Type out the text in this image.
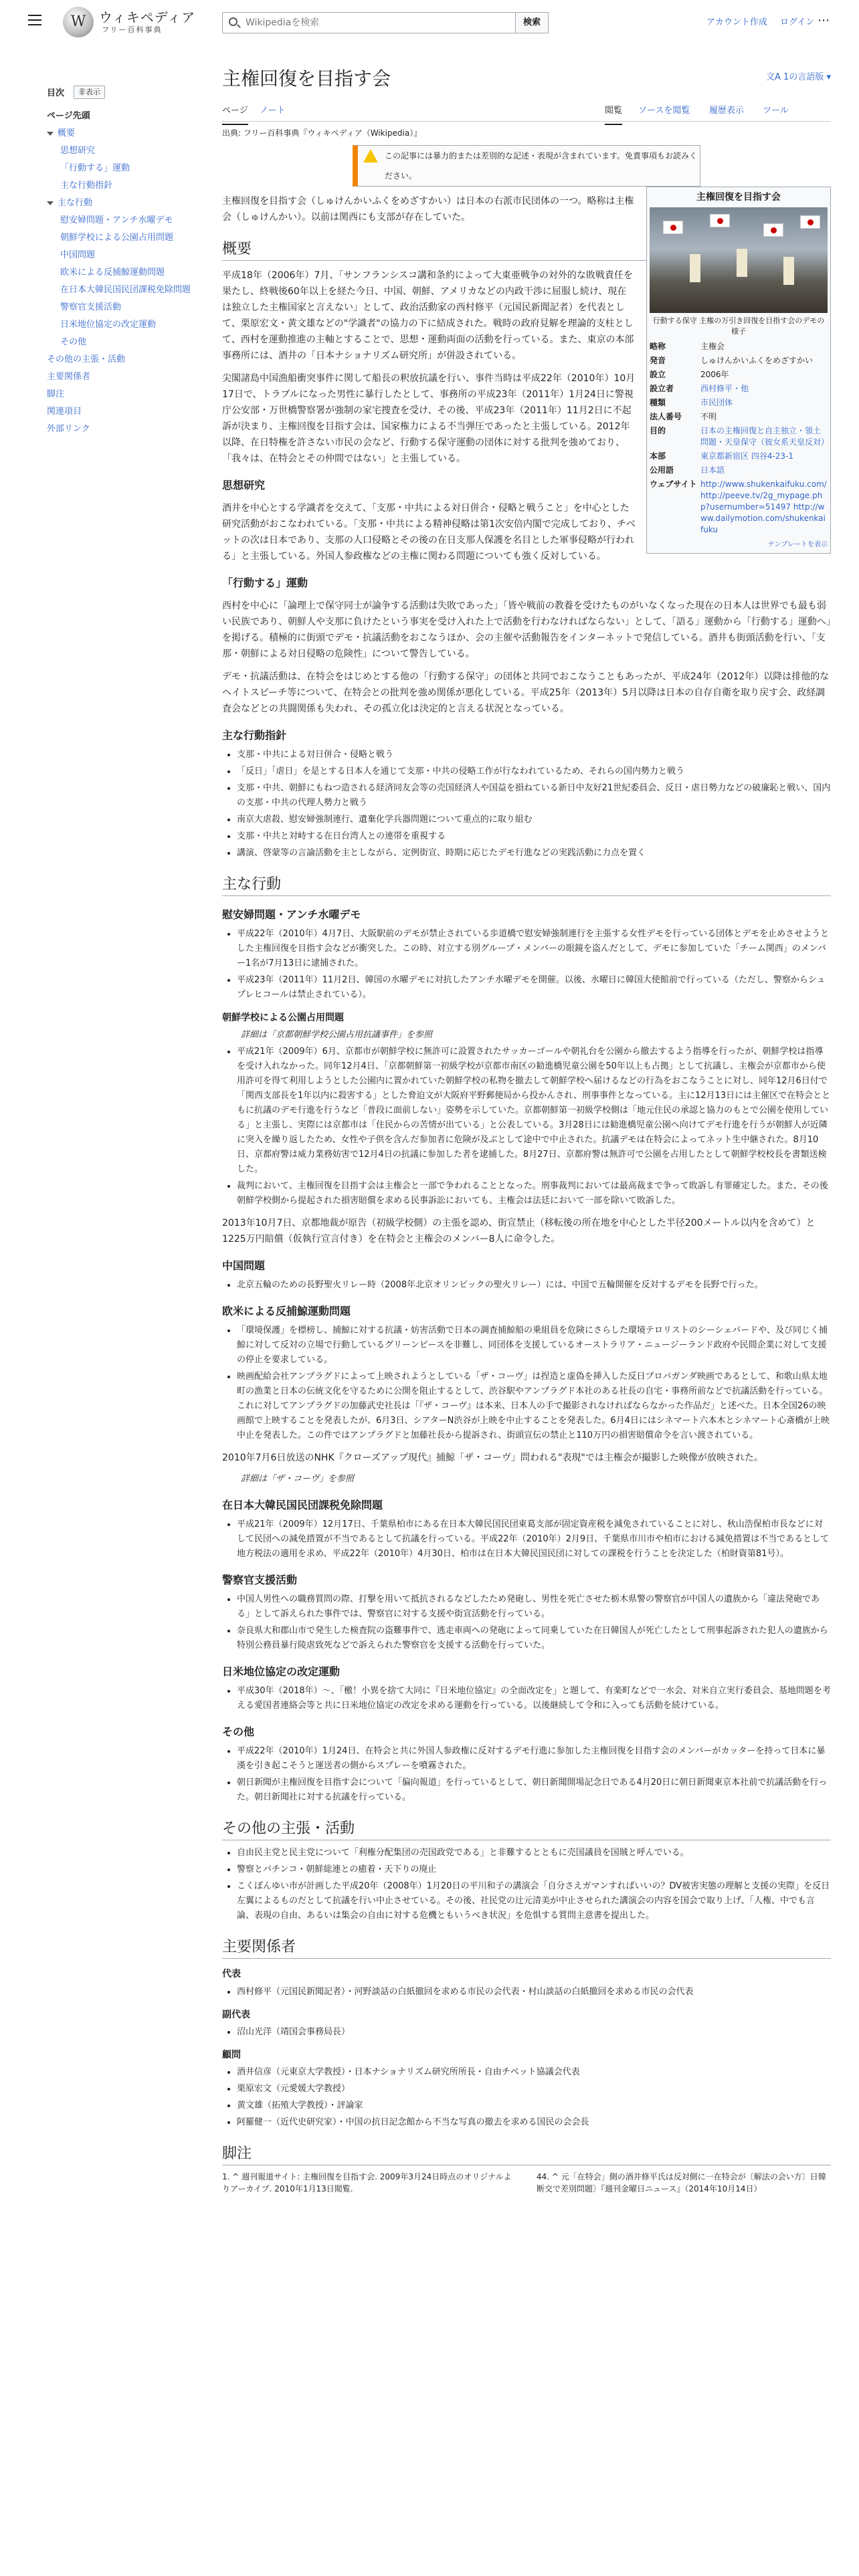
W ウィキペディア
フリー百科事典
Wikipediaを検索	検索	アカウント作成 ログイン ⋯
目次	非表示
ページ先頭
概要
思想研究
「行動する」運動
主な行動指針
主な行動
慰安婦問題・アンチ水曜デモ
朝鮮学校による公園占用問題
中国問題
欧米による反捕鯨運動問題
在日本大韓民国民団課税免除問題
警察官支援活動
日米地位協定の改定運動
その他
その他の主張・活動
主要関係者
脚注
関連項目
外部リンク
主権回復を目指す会	文A 1の言語版 ▾
ページ ノート	閲覧 ソースを閲覧 履歴表示 ツール
出典: フリー百科事典『ウィキペディア（Wikipedia）』
この記事には暴力的または差別的な記述・表現が含まれています。免責事項もお読みください。
主権回復を目指す会
行動する保守 主権の万引き回復を目指す会のデモの様子
略称	主権会
発音	しゅけんかいふくをめざすかい
設立	2006年
設立者	西村修平・他
種類	市民団体
法人番号	不明
目的	日本の主権回復と自主独立・領土問題・天皇保守（彼女系天皇反対）
本部	東京都新宿区 四谷4-23-1
公用語	日本語
ウェブサイト http://www.shukenkaifuku.com/ http://peeve.tv/2g_mypage.php?usernumber=51497 http://www.dailymotion.com/shukenkaifuku
テンプレートを表示

主権回復を目指す会（しゅけんかいふくをめざすかい）は日本の右派市民団体の一つ。略称は主権会（しゅけんかい）。以前は関西にも支部が存在していた。

概要

平成18年（2006年）7月、「サンフランシスコ講和条約によって大東亜戦争の対外的な敗戦責任を果たし、終戦後60年以上を経た今日、中国、朝鮮、アメリカなどの内政干渉に屈服し続け、現在は独立した主権国家と言えない」として、政治活動家の西村修平（元国民新聞記者）を代表として、栗原宏文・黄文雄などの"学識者"の協力の下に結成された。戦時の政府見解を理論的支柱として、西村を運動推進の主軸とすることで、思想・運動両面の活動を行っている。また、東京の本部事務所には、酒井の「日本ナショナリズム研究所」が併設されている。

尖閣諸島中国漁船衝突事件に関して船長の釈放抗議を行い、事件当時は平成22年（2010年）10月17日で、トラブルになった男性に暴行したとして、事務所の平成23年（2011年）1月24日に警視庁公安部・万世橋警察署が強制の家宅捜査を受け、その後、平成23年（2011年）11月2日に不起訴が決まり、主権回復を目指す会は、国家権力による不当弾圧であったと主張している。2012年以降、在日特権を許さない市民の会など、行動する保守運動の団体に対する批判を強めており、「我々は、在特会とその仲間ではない」と主張している。

思想研究

酒井を中心とする学識者を交えて、「支那・中共による対日併合・侵略と戦うこと」を中心とした研究活動がおこなわれている。「支那・中共による精神侵略は第1次安倍内閣で完成しており、チベットの次は日本であり、支那の人口侵略とその後の在日支那人保護を名目とした軍事侵略が行われる」と主張している。外国人参政権などの主権に関わる問題についても強く反対している。

「行動する」運動

西村を中心に「論理上で保守同士が論争する活動は失敗であった」「皆や戦前の教養を受けたものがいなくなった現在の日本人は世界でも最も弱い民族であり、朝鮮人や支那に負けたという事実を受け入れた上で活動を行わなければならない」として、「語る」運動から「行動する」運動へ」を掲げる。積極的に街頭でデモ・抗議活動をおこなうほか、会の主催や活動報告をインターネットで発信している。酒井も街頭活動を行い、「支那・朝鮮による対日侵略の危険性」について警告している。

デモ・抗議活動は、在特会をはじめとする他の「行動する保守」の団体と共同でおこなうこともあったが、平成24年（2012年）以降は排他的なヘイトスピーチ等について、在特会との批判を強め関係が悪化している。平成25年（2013年）5月以降は日本の自存自衛を取り戻す会、政経調査会などとの共闘関係も失われ、その孤立化は決定的と言える状況となっている。

主な行動指針
• 支那・中共による対日併合・侵略と戦う
• 「反日」「虐日」を是とする日本人を通じて支那・中共の侵略工作が行なわれているため、それらの国内勢力と戦う
• 支那・中共、朝鮮にもねつ造される経済同友会等の売国経済人や国益を損ねている新日中友好21世紀委員会、反日・虐日勢力などの破廉恥と戦い、国内の支那・中共の代理人勢力と戦う
• 南京大虐殺、慰安婦強制連行、遺棄化学兵器問題について重点的に取り組む
• 支那・中共と対峙する在日台湾人との連帯を重視する
• 講演、啓蒙等の言論活動を主としながら、定例街宣、時期に応じたデモ行進などの実践活動に力点を置く
主な行動
慰安婦問題・アンチ水曜デモ
• 平成22年（2010年）4月7日、大阪駅前のデモが禁止されている歩道橋で慰安婦強制連行を主張する女性デモを行っている団体とデモを止めさせようとした主権回復を目指す会などが衝突した。この時、対立する別グループ・メンバーの眼鏡を盗んだとして、デモに参加していた「チーム関西」のメンバー1名が7月13日に逮捕された。
• 平成23年（2011年）11月2日、韓国の水曜デモに対抗したアンチ水曜デモを開催。以後、水曜日に韓国大使館前で行っている（ただし、警察からシュプレヒコールは禁止されている）。
朝鮮学校による公園占用問題
詳細は「京都朝鮮学校公園占用抗議事件」を参照
• 平成21年（2009年）6月、京都市が朝鮮学校に無許可に設置されたサッカーゴールや朝礼台を公園から撤去するよう指導を行ったが、朝鮮学校は指導を受け入れなかった。同年12月4日、「京都朝鮮第一初級学校が京都市南区の勧進橋児童公園を50年以上も占拠」として抗議し、主権会が京都市から使用許可を得て利用しようとした公園内に置かれていた朝鮮学校の私物を撤去して朝鮮学校へ届けるなどの行為をおこなうことに対し、同年12月6日付で「関西支部長を1年以内に殺害する」とした脅迫文が大阪府平野郵便局から投かんされ、刑事事件となっている。主に12月13日には主催区で在特会とともに抗議のデモ行進を行うなど「普段に面前しない」姿勢を示していた。京都朝鮮第一初級学校側は「地元住民の承認と協力のもとで公園を使用している」と主張し、実際には京都市は「住民からの苦情が出ている」と公表している。3月28日には勧進橋児童公園へ向けてデモ行進を行うが朝鮮人が近隣に突入を繰り返したため、女性や子供を含んだ参加者に危険が及ぶとして途中で中止された。抗議デモは在特会によってネット生中継された。8月10日、京都府警は威力業務妨害で12月4日の抗議に参加した者を逮捕した。8月27日、京都府警は無許可で公園を占用したとして朝鮮学校校長を書類送検した。
• 裁判において、主権回復を目指す会は主権会と一部で争われることとなった。刑事裁判においては最高裁まで争って敗訴し有罪確定した。また、その後朝鮮学校側から提起された損害賠償を求める民事訴訟においても、主権会は法廷において一部を除いて敗訴した。

2013年10月7日、京都地裁が原告（初級学校側）の主張を認め、街宣禁止（移転後の所在地を中心とした半径200メートル以内を含めて）と1225万円賠償（仮執行宣言付き）を在特会と主権会のメンバー8人に命令した。

中国問題
• 北京五輪のための長野聖火リレー時（2008年北京オリンピックの聖火リレー）には、中国で五輪開催を反対するデモを長野で行った。
欧米による反捕鯨運動問題
• 「環境保護」を標榜し、捕鯨に対する抗議・妨害活動で日本の調査捕鯨船の乗組員を危険にさらした環境テロリストのシーシェパードや、及び同じく捕鯨に対して反対の立場で行動しているグリーンピースを非難し、同団体を支援しているオーストラリア・ニュージーランド政府や民間企業に対して支援の停止を要求している。
• 映画配給会社アンプラグドによって上映されようとしている「ザ・コーヴ」は捏造と虚偽を挿入した反日プロパガンダ映画であるとして、和歌山県太地町の漁業と日本の伝統文化を守るために公開を阻止するとして、渋谷駅やアンプラグド本社のある社長の自宅・事務所前などで抗議活動を行っている。これに対してアンプラグドの加藤武史社長は「『ザ・コーヴ』は本来、日本人の手で撮影されなければならなかった作品だ」と述べた。日本全国26の映画館で上映することを発表したが、6月3日、シアターN渋谷が上映を中止することを発表した。6月4日にはシネマート六本木とシネマート心斎橋が上映中止を発表した。この件ではアンプラグドと加藤社長から提訴され、街頭宣伝の禁止と110万円の損害賠償命令を言い渡されている。

2010年7月6日放送のNHK『クローズアップ現代』捕鯨「ザ・コーヴ」問われる"表現"では主権会が撮影した映像が放映された。

詳細は「ザ・コーヴ」を参照
在日本大韓民国民団課税免除問題
• 平成21年（2009年）12月17日、千葉県柏市にある在日本大韓民国民団東葛支部が固定資産税を減免されていることに対し、秋山浩保柏市長などに対して民団への減免措置が不当であるとして抗議を行っている。平成22年（2010年）2月9日、千葉県市川市や柏市における減免措置は不当であるとして地方税法の適用を求め、平成22年（2010年）4月30日、柏市は在日本大韓民国民団に対しての課税を行うことを決定した（柏財資第81号）。
警察官支援活動
• 中国人男性への職務質問の際、打撃を用いて抵抗されるなどしたため発砲し、男性を死亡させた栃木県警の警察官が中国人の遺族から「違法発砲である」として訴えられた事件では、警察官に対する支援や街宣活動を行っている。
• 奈良県大和郡山市で発生した検査院の盗難事件で、逃走車両への発砲によって同乗していた在日韓国人が死亡したとして刑事起訴された犯人の遺族から特別公務員暴行陵虐致死などで訴えられた警察官を支援する活動を行っていた。
日米地位協定の改定運動
• 平成30年（2018年）〜、「檄！小異を捨て大同に『日米地位協定』の全面改定を」と題して、有楽町などで一水会、対米自立実行委員会、基地問題を考える愛国者連絡会等と共に日米地位協定の改定を求める運動を行っている。以後継続して令和に入っても活動を続けている。
その他
• 平成22年（2010年）1月24日、在特会と共に外国人参政権に反対するデモ行進に参加した主権回復を目指す会のメンバーがカッターを持って日本に暴漢を引き起こそうと運送者の側からスプレーを噴霧された。
• 朝日新聞が主権回復を目指す会について「偏向報道」を行っているとして、朝日新聞開場記念日である4月20日に朝日新聞東京本社前で抗議活動を行った。朝日新聞社に対する抗議を行っている。
その他の主張・活動
• 自由民主党と民主党について「利権分配集団の売国政党である」と非難するとともに売国議員を国賊と呼んでいる。
• 警察とパチンコ・朝鮮総連との癒着・天下りの廃止
• こくぼんゆい市が計画した平成20年（2008年）1月20日の平川和子の講演会「自分さえガマンすればいいの？DV被害実態の理解と支援の実際」を反日左翼によるものだとして抗議を行い中止させている。その後、社民党の辻元清美が中止させられた講演会の内容を国会で取り上げ、「人権、中でも言論、表現の自由、あるいは集会の自由に対する危機ともいうべき状況」を危惧する質問主意書を提出した。
主要関係者
代表
• 西村修平（元国民新聞記者）・河野談話の白紙撤回を求める市民の会代表・村山談話の白紙撤回を求める市民の会代表
副代表
• 沼山光洋（靖国会事務局長）
顧問
• 酒井信彦（元東京大学教授）・日本ナショナリズム研究所所長・自由チベット協議会代表
• 栗原宏文（元愛媛大学教授）
• 黄文雄（拓殖大学教授）・評論家
• 阿羅健一（近代史研究家）・中国の抗日記念館から不当な写真の撤去を求める国民の会会長
脚注
1. ^ 週刊報道サイト: 主権回復を目指す会. 2009年3月24日時点のオリジナルよりアーカイブ. 2010年1月13日閲覧.
44. ^ 元「在特会」側の酒井修平氏は反対側に一在特会が〔解法の会い方〕日韓断交で差別問題〕『週刊金曜日ニュース』（2014年10月14日）
